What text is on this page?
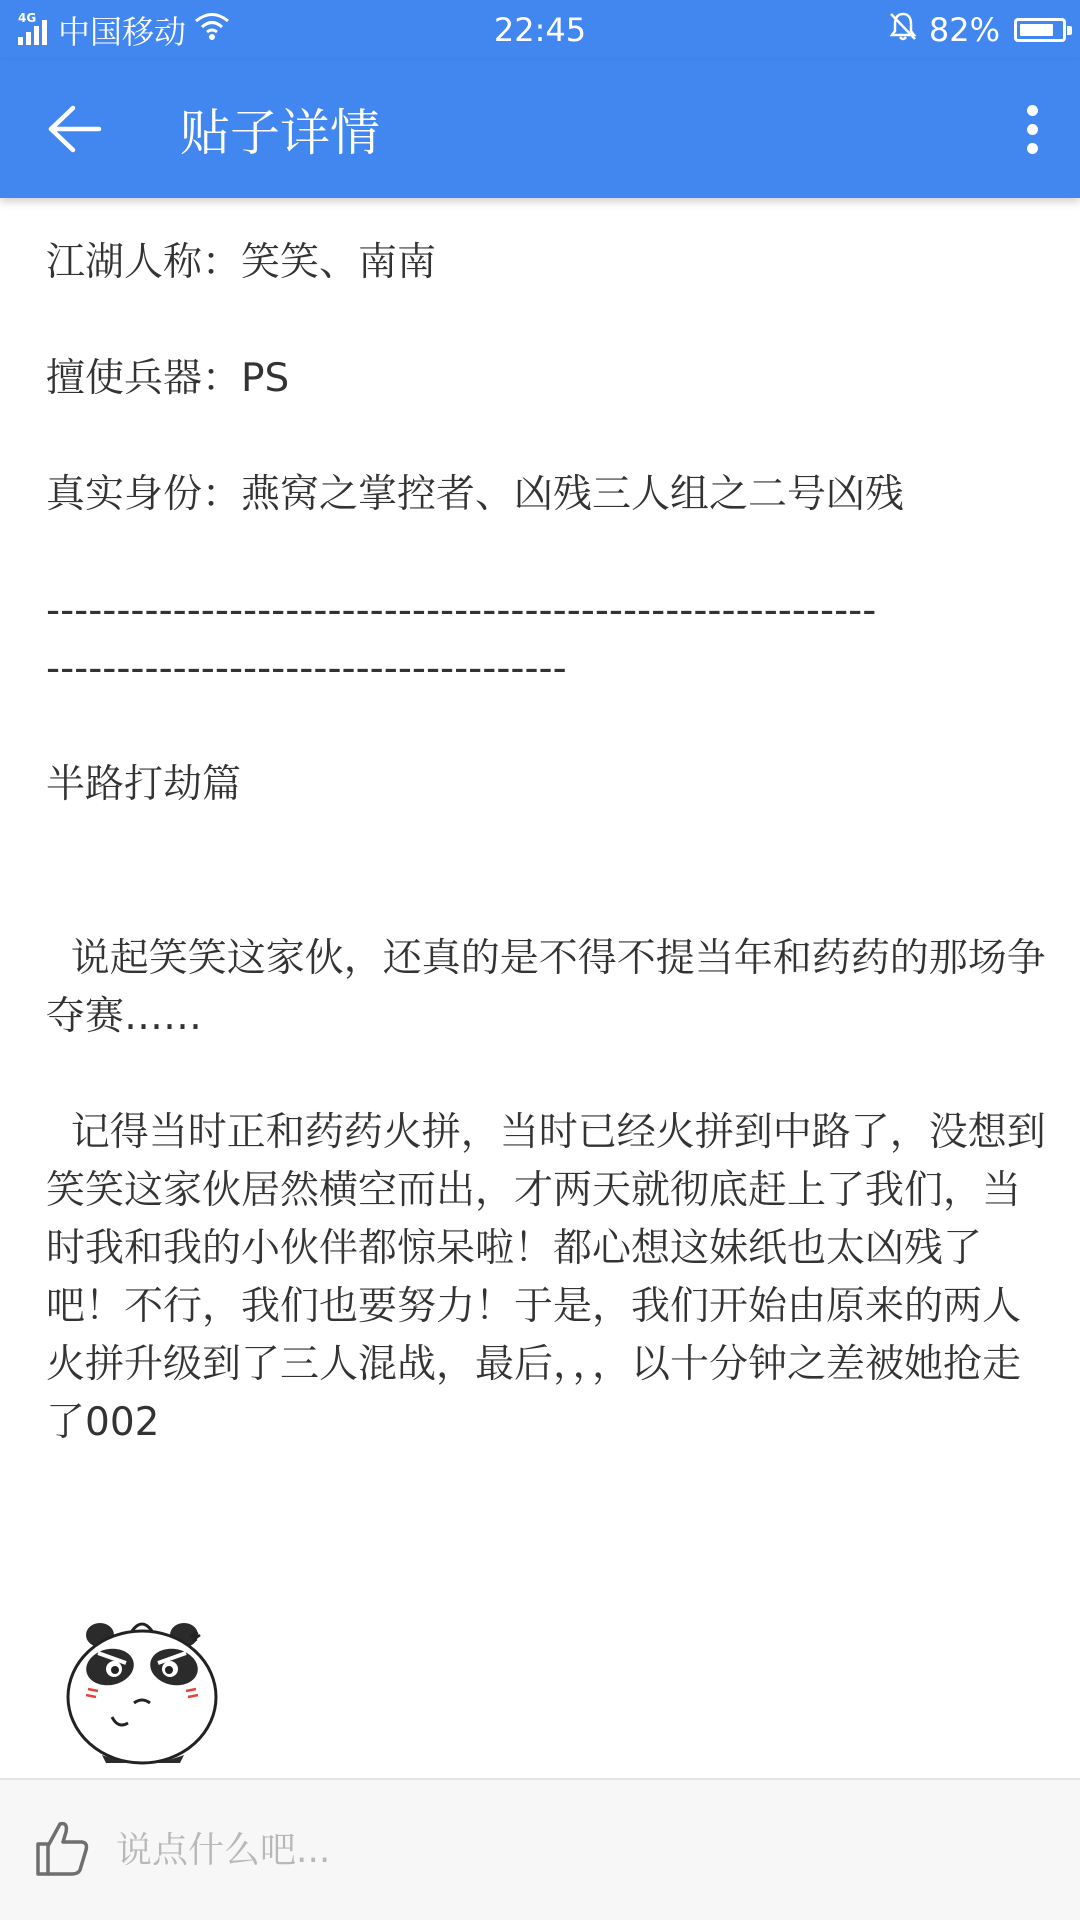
4G 中国移动	22:45	82%
贴子详情

江湖人称：笑笑、南南

擅使兵器：PS

真实身份：燕窝之掌控者、凶残三人组之二号凶残

-----------------------------------------------------------

-------------------------------------

半路打劫篇

说起笑笑这家伙，还真的是不得不提当年和药药的那场争夺赛……

记得当时正和药药火拼，当时已经火拼到中路了，没想到笑笑这家伙居然横空而出，才两天就彻底赶上了我们，当时我和我的小伙伴都惊呆啦！都心想这妹纸也太凶残了吧！不行，我们也要努力！于是，我们开始由原来的两人火拼升级到了三人混战，最后，，，以十分钟之差被她抢走了002

说点什么吧...
